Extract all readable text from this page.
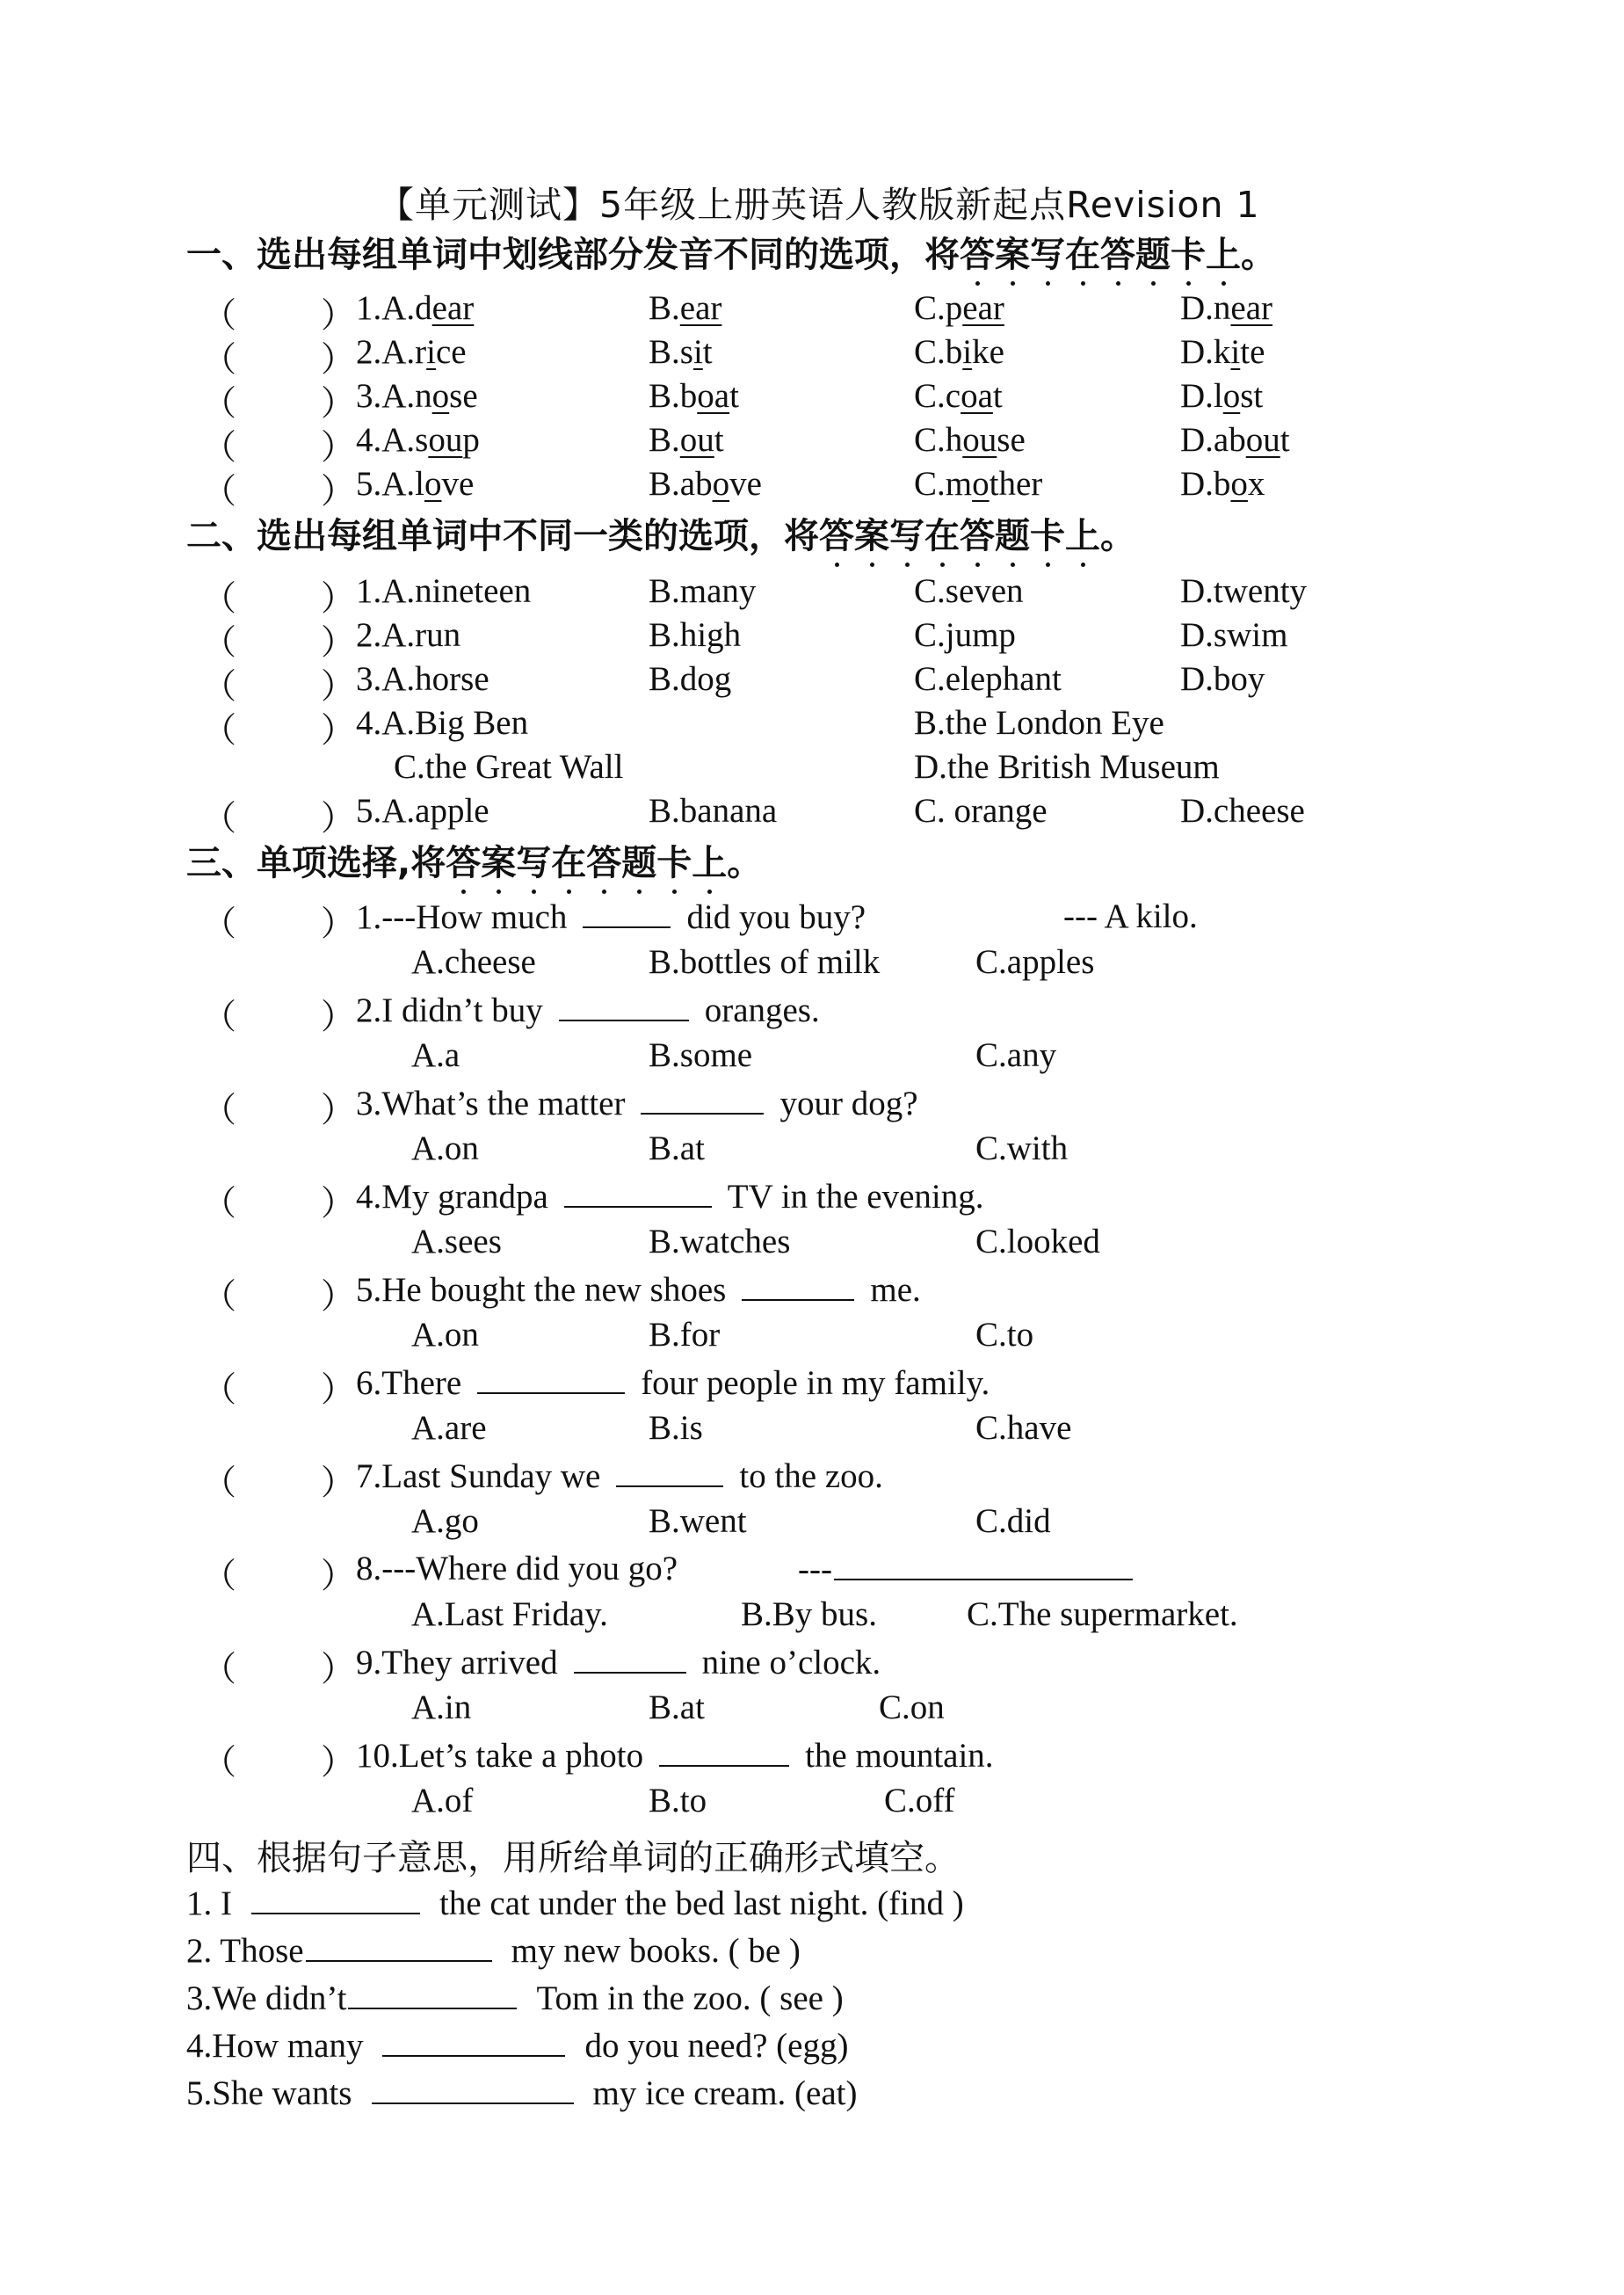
【单元测试】5年级上册英语人教版新起点Revision 1
一、选出每组单词中划线部分发音不同的选项，将答案写在答题卡上。
（ ） 1.A.dear	B.ear	C.pear	D.near
（ ） 2.A.rice	B.sit	C.bike	D.kite
（ ） 3.A.nose	B.boat	C.coat	D.lost
（ ） 4.A.soup	B.out	C.house	D.about
（ ） 5.A.love	B.above	C.mother	D.box
二、选出每组单词中不同一类的选项，将答案写在答题卡上。
（ ） 1.A.nineteen	B.many	C.seven	D.twenty
（ ） 2.A.run	B.high	C.jump	D.swim
（ ） 3.A.horse	B.dog	C.elephant	D.boy
（ ） 4.A.Big Ben	B.the London Eye
C.the Great Wall	D.the British Museum
（ ） 5.A.apple	B.banana	C. orange	D.cheese
三、单项选择,将答案写在答题卡上。
（ ） 1.---How much	did you buy?	--- A kilo.
A.cheese	B.bottles of milk	C.apples
（ ） 2.I didn’t buy	oranges.
A.a	B.some	C.any
（ ） 3.What’s the matter	your dog?
A.on	B.at	C.with
（ ） 4.My grandpa	TV in the evening.
A.sees	B.watches	C.looked
（ ） 5.He bought the new shoes	me.
A.on	B.for	C.to
（ ） 6.There	four people in my family.
A.are	B.is	C.have
（ ） 7.Last Sunday we	to the zoo.
A.go	B.went	C.did
（ ） 8.---Where did you go?	---
A.Last Friday.	B.By bus.	C.The supermarket.
（ ） 9.They arrived	nine o’clock.
A.in	B.at	C.on
（ ） 10.Let’s take a photo	the mountain.
A.of	B.to	C.off
四、根据句子意思，用所给单词的正确形式填空。
1. I	the cat under the bed last night. (find )
2. Those	my new books. ( be )
3.We didn’t	Tom in the zoo. ( see )
4.How many	do you need? (egg)
5.She wants	my ice cream. (eat)
